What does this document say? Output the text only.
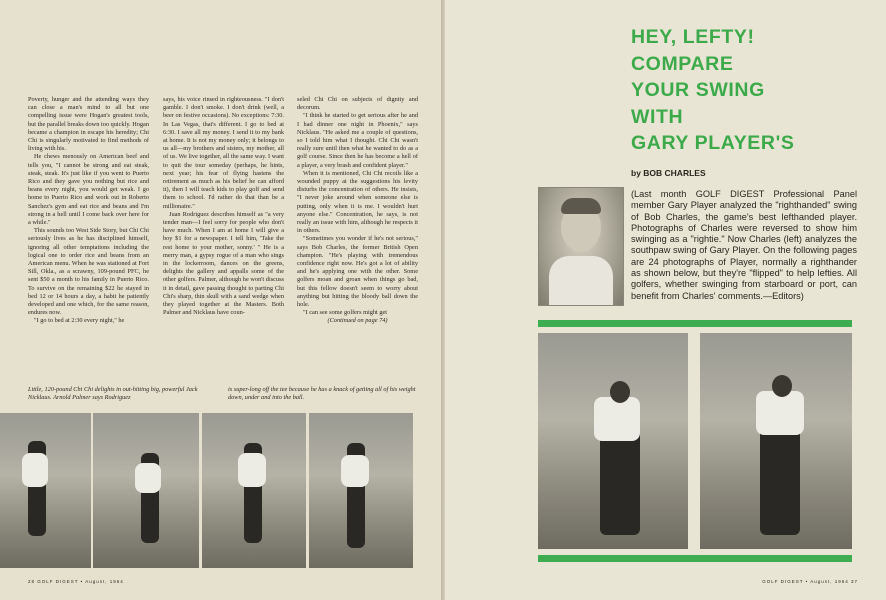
Poverty, hunger and the attending ways they can close a man's mind to all but one compelling issue were Hogan's greatest tools, but the parallel breaks down too quickly. Hogan became a champion in escape his heredity; Chi Chi is singularly motivated to find methods of living with his.

He chews menously on American beef and tells you, "I cannot be strong and eat steak, steak, steak. It's just like if you went to Puerto Rico and they gave you nothing but rice and beans every night, you would get weak. I go home to Puerto Rico and work out in Roberto Sanchez's gym and eat rice and beans and I'm strong in a hell until I come back over here for a while."

This sounds too West Side Story, but Chi Chi seriously lives as he has disciplined himself, ignoring all other temptations including the logical one to order rice and beans from an American menu. When he was stationed at Fort Sill, Okla., as a scrawny, 109-pound PFC, he sent $50 a month to his family in Puerto Rico. To survive on the remaining $22 he stayed in bed 12 or 14 hours a day, a habit he patiently developed and one which, for the same reason, endures now.

"I go to bed at 2:30 every night," he

says, his voice rinsed in righteousness. "I don't gamble. I don't smoke. I don't drink (well, a beer on festive occasions). No exceptions: 7:30. In Las Vegas, that's different. I go to bed at 6:30. I save all my money. I send it to my bank at home. It is not my money only; it belongs to us all—my brothers and sisters, my mother, all of us. We live together, all the same way. I want to quit the tour someday (perhaps, he hints, next year; his fear of flying hastens the retirement as much as his belief he can afford it), then I will teach kids to play golf and send them to school. I'd rather do that than be a millionaire."

Juan Rodriguez describes himself as "a very tender man—I feel sorry for people who don't have much. When I am at home I will give a boy $1 for a newspaper. I tell him, 'Take the rest home to your mother, sonny.' " He is a merry man, a gypsy rogue of a man who sings in the lockerroom, dances on the greens, delights the gallery and appalls some of the other golfers. Palmer, although he won't discuss it in detail, gave passing thought to parting Chi Chi's sharp, thin skull with a sand wedge when they played together at the Masters. Both Palmer and Nicklaus have coun-

seled Chi Chi on subjects of dignity and decorum.

"I think he started to get serious after he and I had dinner one night in Phoenix," says Nicklaus. "He asked me a couple of questions, so I told him what I thought. Chi Chi wasn't really sure until then what he wanted to do as a golf course. Since then he has become a hell of a player, a very brash and confident player."

When it is mentioned, Chi Chi recoils like a wounded puppy at the suggestions his levity disturbs the concentration of others. He insists, "I never joke around when someone else is putting, only when it is me. I wouldn't hurt anyone else." Concentration, he says, is not really an issue with him, although he respects it in others.

"Sometimes you wonder if he's not serious," says Bob Charles, the former British Open champion. "He's playing with tremendous confidence right now. He's got a lot of ability and he's applying one with the other. Some golfers moan and groan when things go bad, but this fellow doesn't seem to worry about anything but hitting the bloody ball down the hole.

"I can see some golfers might get

(Continued on page 74)

Little, 120-pound Chi Chi delights in out-hitting big, powerful Jack Nicklaus. Arnold Palmer says Rodriguez
is super-long off the tee because he has a knack of getting all of his weight down, under and into the ball.
28 GOLF DIGEST • August, 1964
HEY, LEFTY!
COMPARE
YOUR SWING
WITH
GARY PLAYER'S
by BOB CHARLES
(Last month GOLF DIGEST Professional Panel member Gary Player analyzed the "righthanded" swing of Bob Charles, the game's best lefthanded player. Photographs of Charles were reversed to show him swinging as a "rightie." Now Charles (left) analyzes the southpaw swing of Gary Player. On the following pages are 24 photographs of Player, normally a righthander as shown below, but they're "flipped" to help lefties. All golfers, whether swinging from starboard or port, can benefit from Charles' comments.—Editors)
GOLF DIGEST • August, 1964 37
